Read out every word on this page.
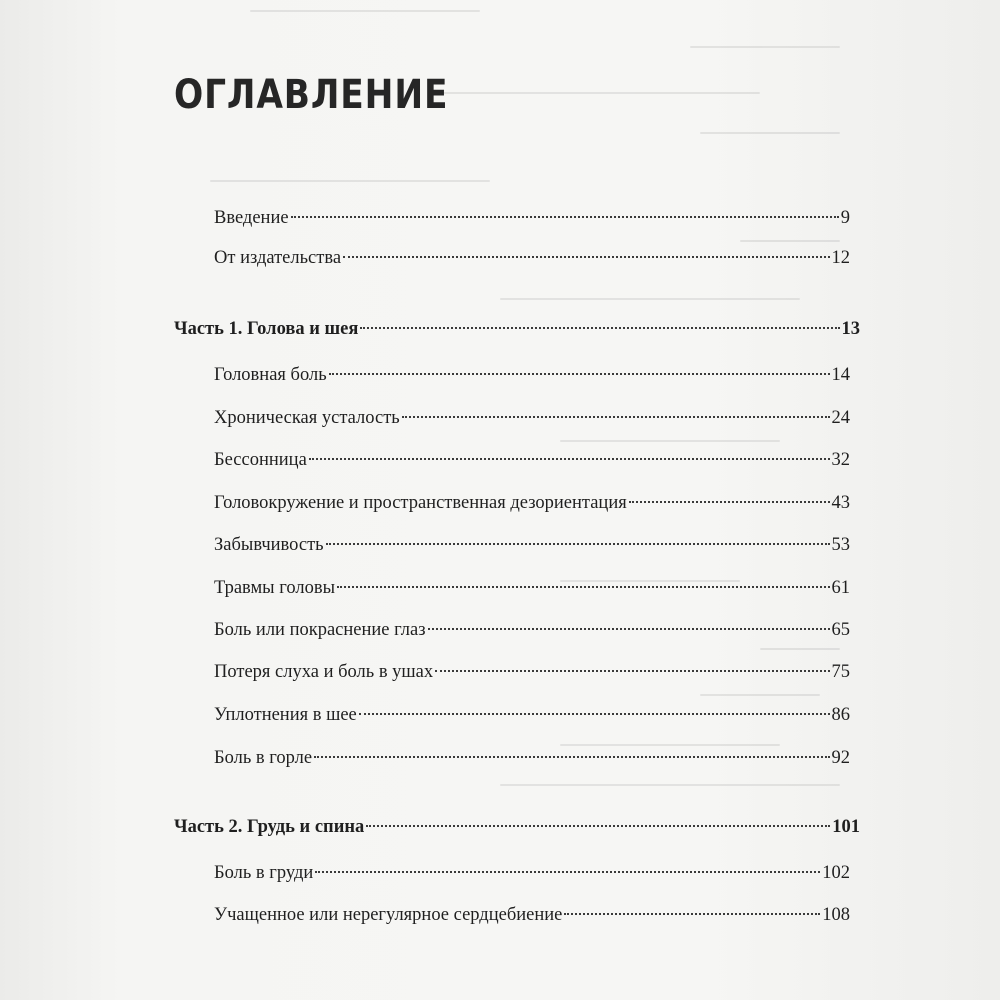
ОГЛАВЛЕНИЕ
Введение	9
От издательства	12
Часть 1. Голова и шея	13
Головная боль	14
Хроническая усталость	24
Бессонница	32
Головокружение и пространственная дезориентация	43
Забывчивость	53
Травмы головы	61
Боль или покраснение глаз	65
Потеря слуха и боль в ушах	75
Уплотнения в шее	86
Боль в горле	92
Часть 2. Грудь и спина	101
Боль в груди	102
Учащенное или нерегулярное сердцебиение	108
